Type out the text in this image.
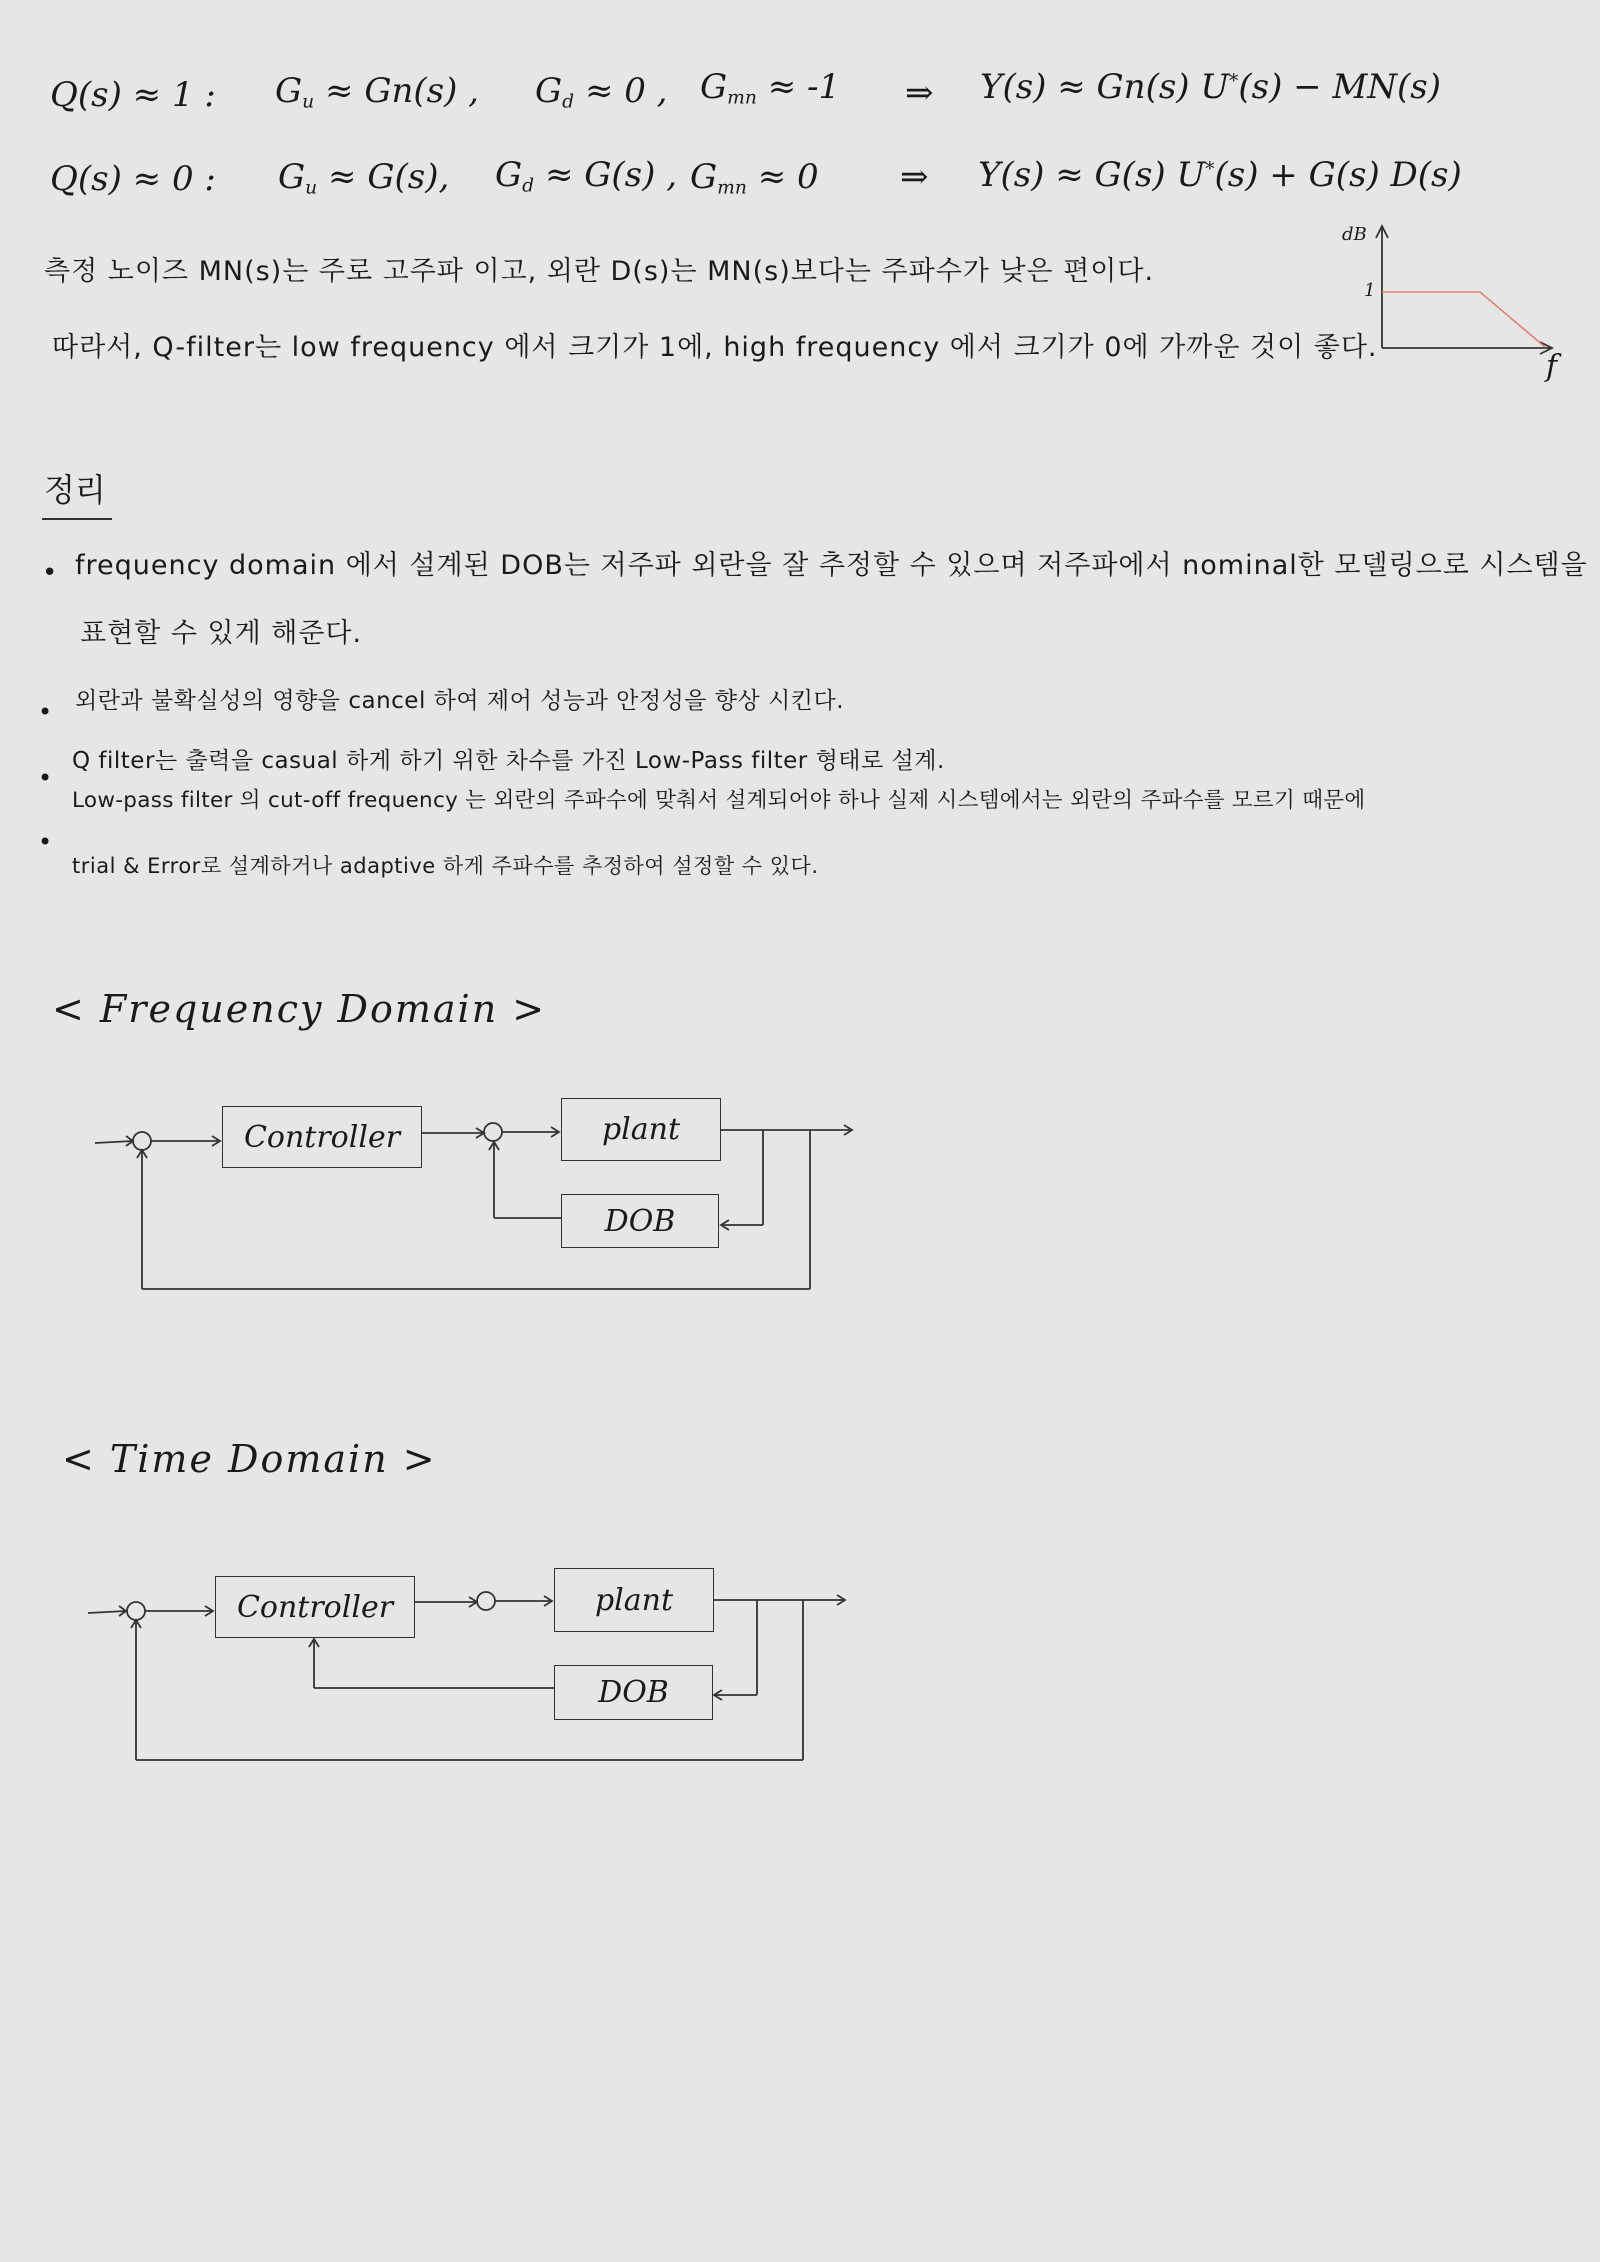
Q(s) ≈ 1 : $G_u \approx Gn(s)$ , $G_d \approx 0$ , $G_{mn} \approx -1$ ⇒ Y(s) ≈ Gn(s) U*(s) − MN(s)
Q(s) ≈ 0 : $G_u \approx G(s)$, $G_d \approx G(s)$ , $G_{mn} \approx 0$ ⇒ Y(s) ≈ G(s) U*(s) + G(s) D(s)
측정 노이즈 MN(s)는 주로 고주파 이고, 외란 D(s)는 MN(s)보다는 주파수가 낮은 편이다.
따라서, Q-filter는 low frequency 에서 크기가 1에, high frequency 에서 크기가 0에 가까운 것이 좋다.
dB
1
f
정리
• frequency domain 에서 설계된 DOB는 저주파 외란을 잘 추정할 수 있으며 저주파에서 nominal한 모델링으로 시스템을
표현할 수 있게 해준다.
• 외란과 불확실성의 영향을 cancel 하여 제어 성능과 안정성을 향상 시킨다.
•
Q filter는 출력을 casual 하게 하기 위한 차수를 가진 Low-Pass filter 형태로 설계.
•
Low-pass filter 의 cut-off frequency 는 외란의 주파수에 맞춰서 설계되어야 하나 실제 시스템에서는 외란의 주파수를 모르기 때문에
trial & Error로 설계하거나 adaptive 하게 주파수를 추정하여 설정할 수 있다.
< Frequency Domain >
Controller	plant
DOB
< Time Domain >
Controller	plant
DOB
